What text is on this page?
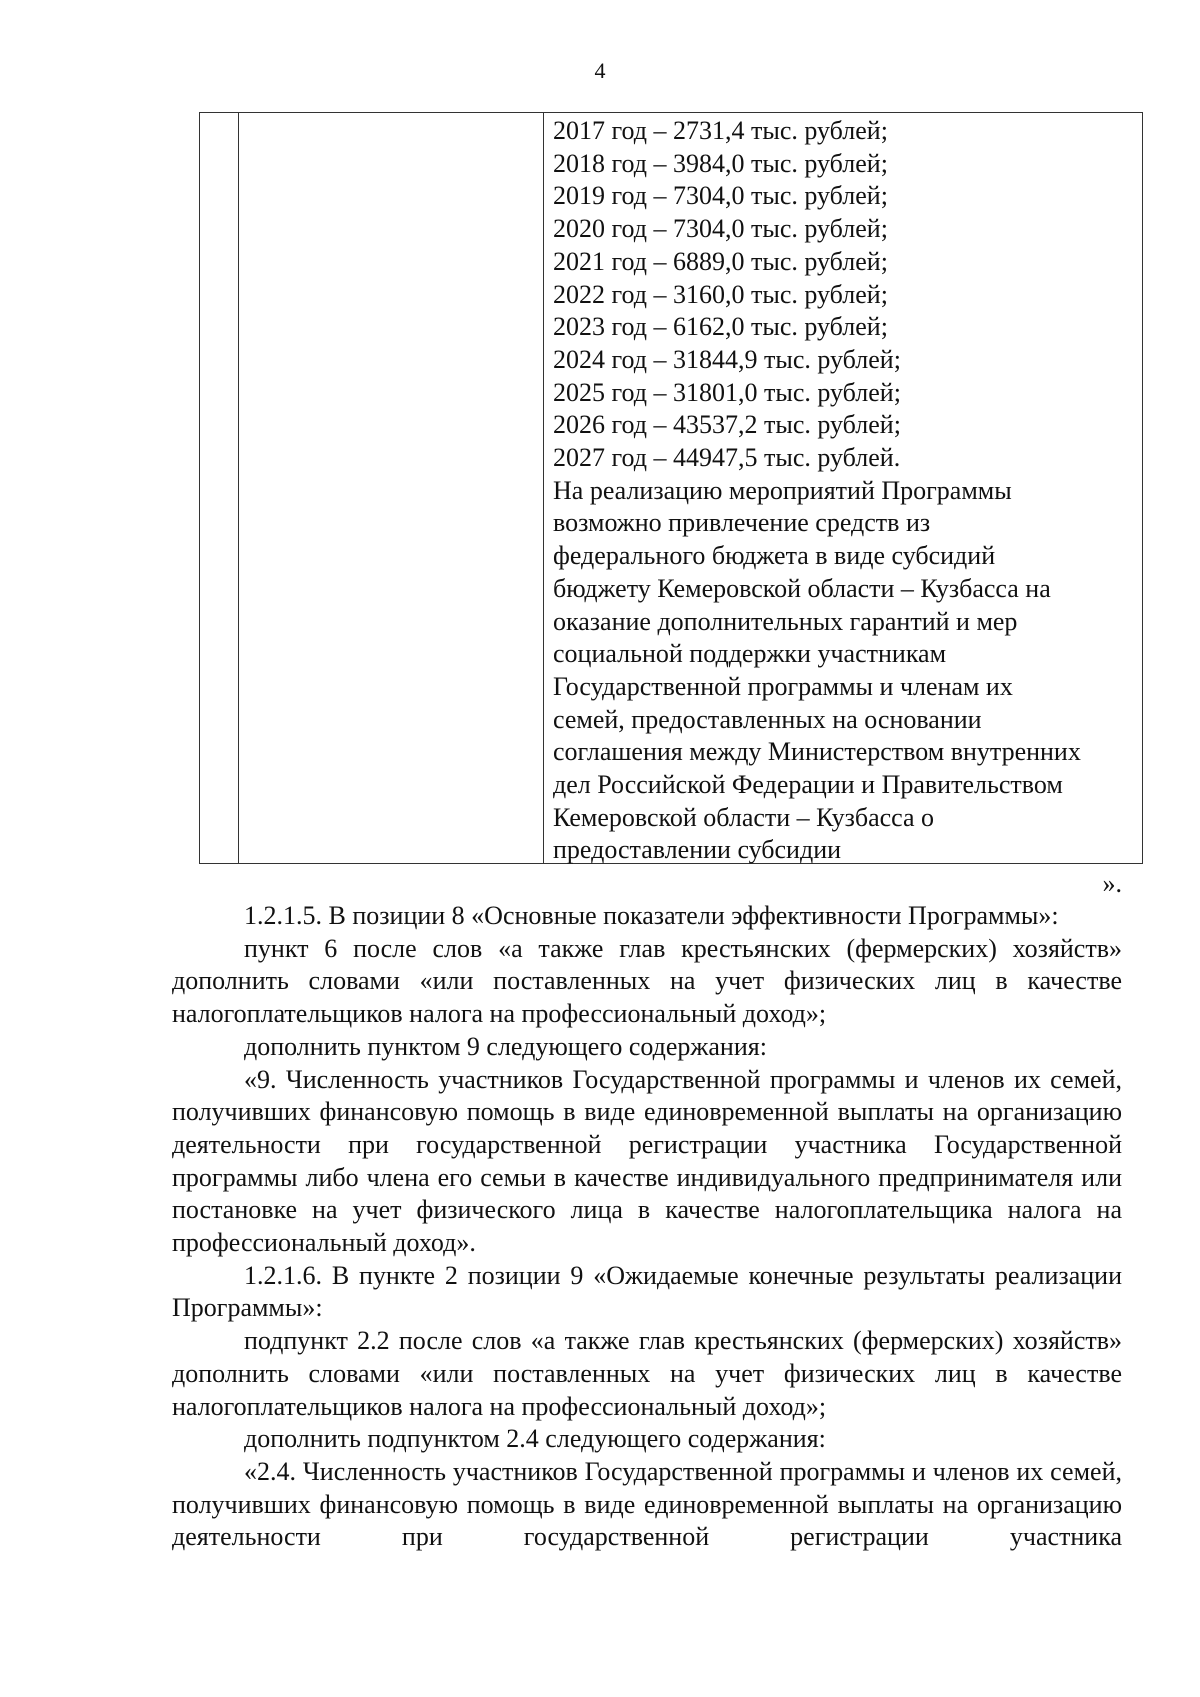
4
2017 год – 2731,4 тыс. рублей;
2018 год – 3984,0 тыс. рублей;
2019 год – 7304,0 тыс. рублей;
2020 год – 7304,0 тыс. рублей;
2021 год – 6889,0 тыс. рублей;
2022 год – 3160,0 тыс. рублей;
2023 год – 6162,0 тыс. рублей;
2024 год – 31844,9 тыс. рублей;
2025 год – 31801,0 тыс. рублей;
2026 год – 43537,2 тыс. рублей;
2027 год – 44947,5 тыс. рублей.
На реализацию мероприятий Программы
возможно привлечение средств из
федерального бюджета в виде субсидий
бюджету Кемеровской области – Кузбасса на
оказание дополнительных гарантий и мер
социальной поддержки участникам
Государственной программы и членам их
семей, предоставленных на основании
соглашения между Министерством внутренних
дел Российской Федерации и Правительством
Кемеровской области – Кузбасса о
предоставлении субсидии
».

1.2.1.5. В позиции 8 «Основные показатели эффективности Программы»:

пункт 6 после слов «а также глав крестьянских (фермерских) хозяйств» дополнить словами «или поставленных на учет физических лиц в качестве налогоплательщиков налога на профессиональный доход»;

дополнить пунктом 9 следующего содержания:

«9. Численность участников Государственной программы и членов их семей, получивших финансовую помощь в виде единовременной выплаты на организацию деятельности при государственной регистрации участника Государственной программы либо члена его семьи в качестве индивидуального предпринимателя или постановке на учет физического лица в качестве налогоплательщика налога на профессиональный доход».

1.2.1.6. В пункте 2 позиции 9 «Ожидаемые конечные результаты реализации Программы»:

подпункт 2.2 после слов «а также глав крестьянских (фермерских) хозяйств» дополнить словами «или поставленных на учет физических лиц в качестве налогоплательщиков налога на профессиональный доход»;

дополнить подпунктом 2.4 следующего содержания:

«2.4. Численность участников Государственной программы и членов их семей, получивших финансовую помощь в виде единовременной выплаты на организацию деятельности при государственной регистрации участника
